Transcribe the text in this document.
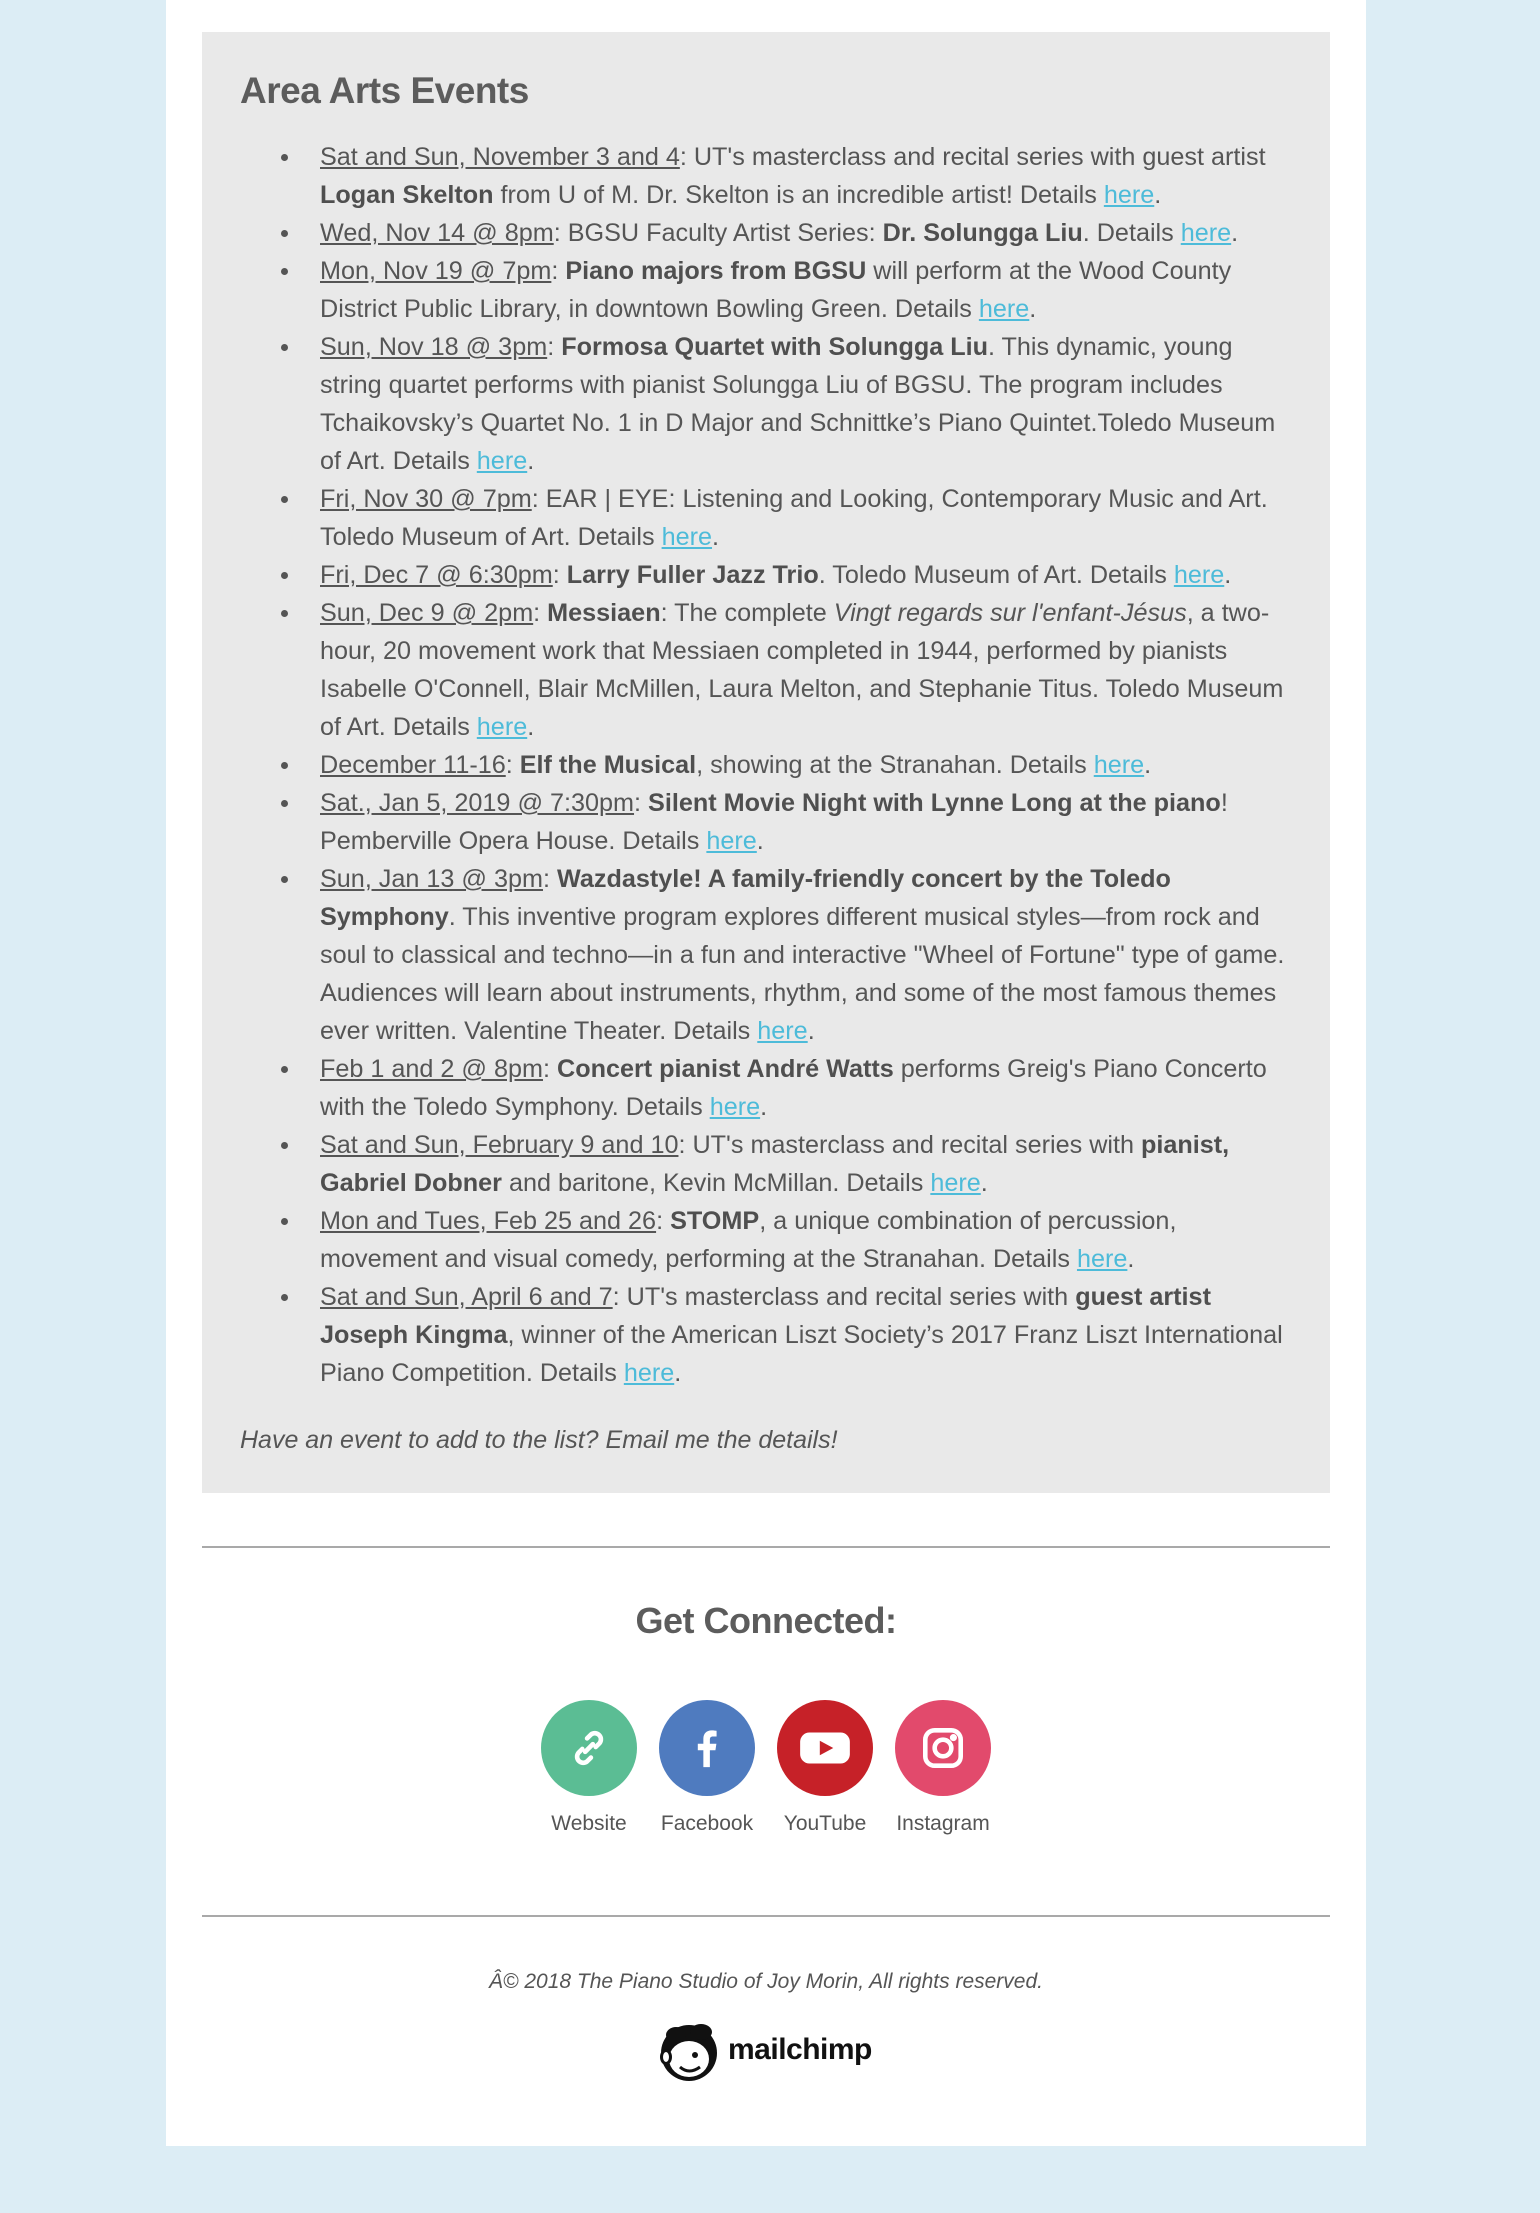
Area Arts Events
Sat and Sun, November 3 and 4: UT's masterclass and recital series with guest artist Logan Skelton from U of M. Dr. Skelton is an incredible artist! Details here.
Wed, Nov 14 @ 8pm: BGSU Faculty Artist Series: Dr. Solungga Liu. Details here.
Mon, Nov 19 @ 7pm: Piano majors from BGSU will perform at the Wood County District Public Library, in downtown Bowling Green. Details here.
Sun, Nov 18 @ 3pm: Formosa Quartet with Solungga Liu. This dynamic, young string quartet performs with pianist Solungga Liu of BGSU. The program includes Tchaikovsky’s Quartet No. 1 in D Major and Schnittke’s Piano Quintet.Toledo Museum of Art. Details here.
Fri, Nov 30 @ 7pm: EAR | EYE: Listening and Looking, Contemporary Music and Art. Toledo Museum of Art. Details here.
Fri, Dec 7 @ 6:30pm: Larry Fuller Jazz Trio. Toledo Museum of Art. Details here.
Sun, Dec 9 @ 2pm: Messiaen: The complete Vingt regards sur l'enfant-Jésus, a two-hour, 20 movement work that Messiaen completed in 1944, performed by pianists Isabelle O'Connell, Blair McMillen, Laura Melton, and Stephanie Titus. Toledo Museum of Art. Details here.
December 11-16: Elf the Musical, showing at the Stranahan. Details here.
Sat., Jan 5, 2019 @ 7:30pm: Silent Movie Night with Lynne Long at the piano! Pemberville Opera House. Details here.
Sun, Jan 13 @ 3pm: Wazdastyle! A family-friendly concert by the Toledo Symphony. This inventive program explores different musical styles—from rock and soul to classical and techno—in a fun and interactive "Wheel of Fortune" type of game. Audiences will learn about instruments, rhythm, and some of the most famous themes ever written. Valentine Theater. Details here.
Feb 1 and 2 @ 8pm: Concert pianist André Watts performs Greig's Piano Concerto with the Toledo Symphony. Details here.
Sat and Sun, February 9 and 10: UT's masterclass and recital series with pianist, Gabriel Dobner and baritone, Kevin McMillan. Details here.
Mon and Tues, Feb 25 and 26: STOMP, a unique combination of percussion, movement and visual comedy, performing at the Stranahan. Details here.
Sat and Sun, April 6 and 7: UT's masterclass and recital series with guest artist Joseph Kingma, winner of the American Liszt Society’s 2017 Franz Liszt International Piano Competition. Details here.

Have an event to add to the list? Email me the details!

Get Connected:
Website Facebook YouTube Instagram

Â© 2018 The Piano Studio of Joy Morin, All rights reserved.

mailchimp
